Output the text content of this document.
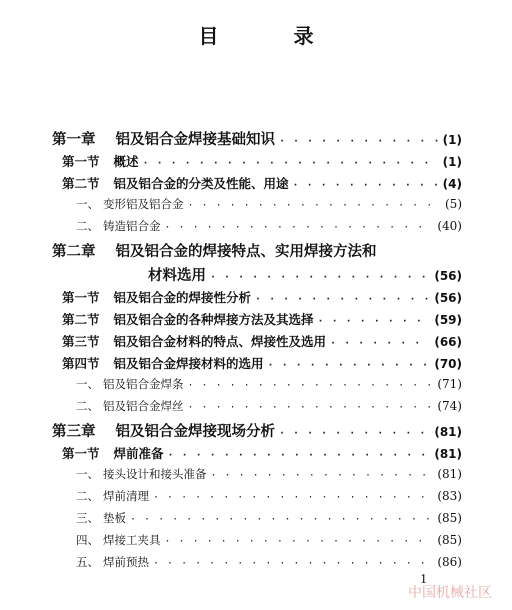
目 录
第一章 铝及铝合金焊接基础知识 · · ·	(1)
第一节 概述 · · ·	(1)
第二节 铝及铝合金的分类及性能、用途 · · ·	(4)
一、 变形铝及铝合金 · · ·	(5)
二、 铸造铝合金 · · ·	(40)
第二章 铝及铝合金的焊接特点、实用焊接方法和
材料选用 · · ·	(56)
第一节 铝及铝合金的焊接性分析 · · ·	(56)
第二节 铝及铝合金的各种焊接方法及其选择 · · ·	(59)
第三节 铝及铝合金材料的特点、焊接性及选用 · · ·	(66)
第四节 铝及铝合金焊接材料的选用 · · ·	(70)
一、 铝及铝合金焊条 · · ·	(71)
二、 铝及铝合金焊丝 · · ·	(74)
第三章 铝及铝合金焊接现场分析 · · ·	(81)
第一节 焊前准备 · · ·	(81)
一、 接头设计和接头准备 · · ·	(81)
二、 焊前清理 · · ·	(83)
三、 垫板 · · ·	(85)
四、 焊接工夹具 · · ·	(85)
五、 焊前预热 · · ·	(86)
1
中国机械社区
